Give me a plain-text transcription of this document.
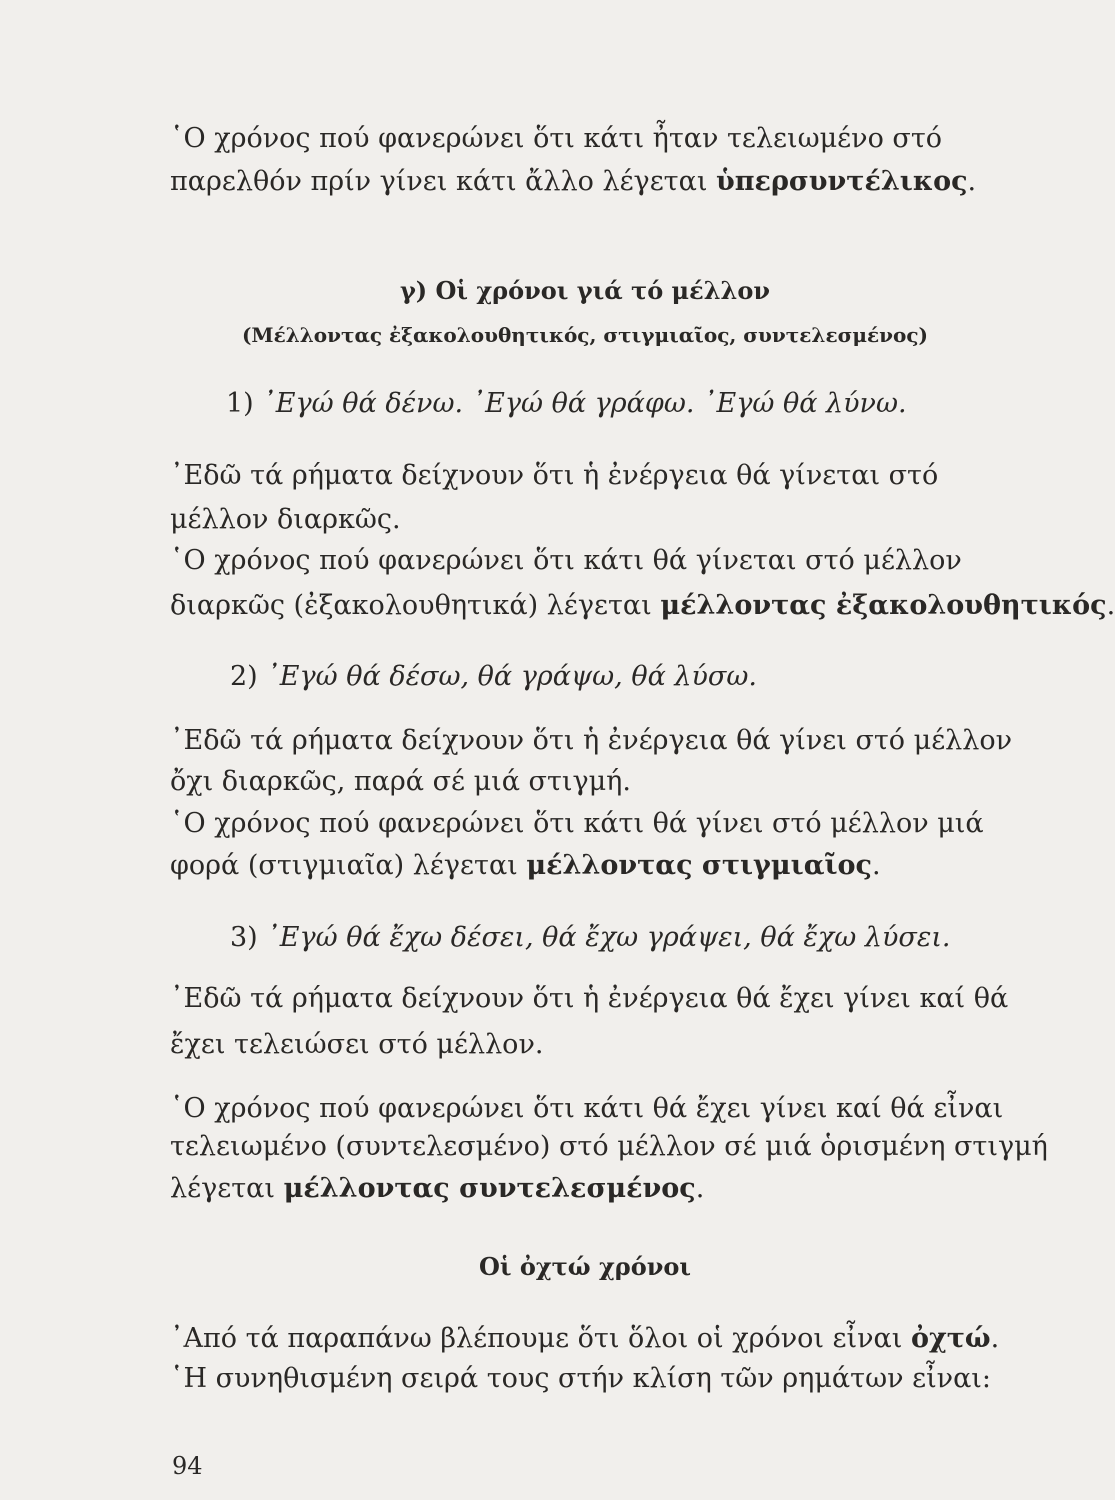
῾Ο χρόνος πού φανερώνει ὅτι κάτι ἦταν τελειωμένο στό
παρελθόν πρίν γίνει κάτι ἄλλο λέγεται ὑπερσυντέλικος.
γ) Οἱ χρόνοι γιά τό μέλλον
(Μέλλοντας ἐξακολουθητικός, στιγμιαῖος, συντελεσμένος)
1) ᾿Εγώ θά δένω. ᾿Εγώ θά γράφω. ᾿Εγώ θά λύνω.
᾿Εδῶ τά ρήματα δείχνουν ὅτι ἡ ἐνέργεια θά γίνεται στό
μέλλον διαρκῶς.
῾Ο χρόνος πού φανερώνει ὅτι κάτι θά γίνεται στό μέλλον
διαρκῶς (ἐξακολουθητικά) λέγεται μέλλοντας ἐξακολουθητικός.
2) ᾿Εγώ θά δέσω, θά γράψω, θά λύσω.
᾿Εδῶ τά ρήματα δείχνουν ὅτι ἡ ἐνέργεια θά γίνει στό μέλλον
ὄχι διαρκῶς, παρά σέ μιά στιγμή.
῾Ο χρόνος πού φανερώνει ὅτι κάτι θά γίνει στό μέλλον μιά
φορά (στιγμιαῖα) λέγεται μέλλοντας στιγμιαῖος.
3) ᾿Εγώ θά ἔχω δέσει, θά ἔχω γράψει, θά ἔχω λύσει.
᾿Εδῶ τά ρήματα δείχνουν ὅτι ἡ ἐνέργεια θά ἔχει γίνει καί θά
ἔχει τελειώσει στό μέλλον.
῾Ο χρόνος πού φανερώνει ὅτι κάτι θά ἔχει γίνει καί θά εἶναι
τελειωμένο (συντελεσμένο) στό μέλλον σέ μιά ὁρισμένη στιγμή
λέγεται μέλλοντας συντελεσμένος.
Οἱ ὀχτώ χρόνοι
᾿Από τά παραπάνω βλέπουμε ὅτι ὅλοι οἱ χρόνοι εἶναι ὀχτώ.
῾Η συνηθισμένη σειρά τους στήν κλίση τῶν ρημάτων εἶναι:
94
